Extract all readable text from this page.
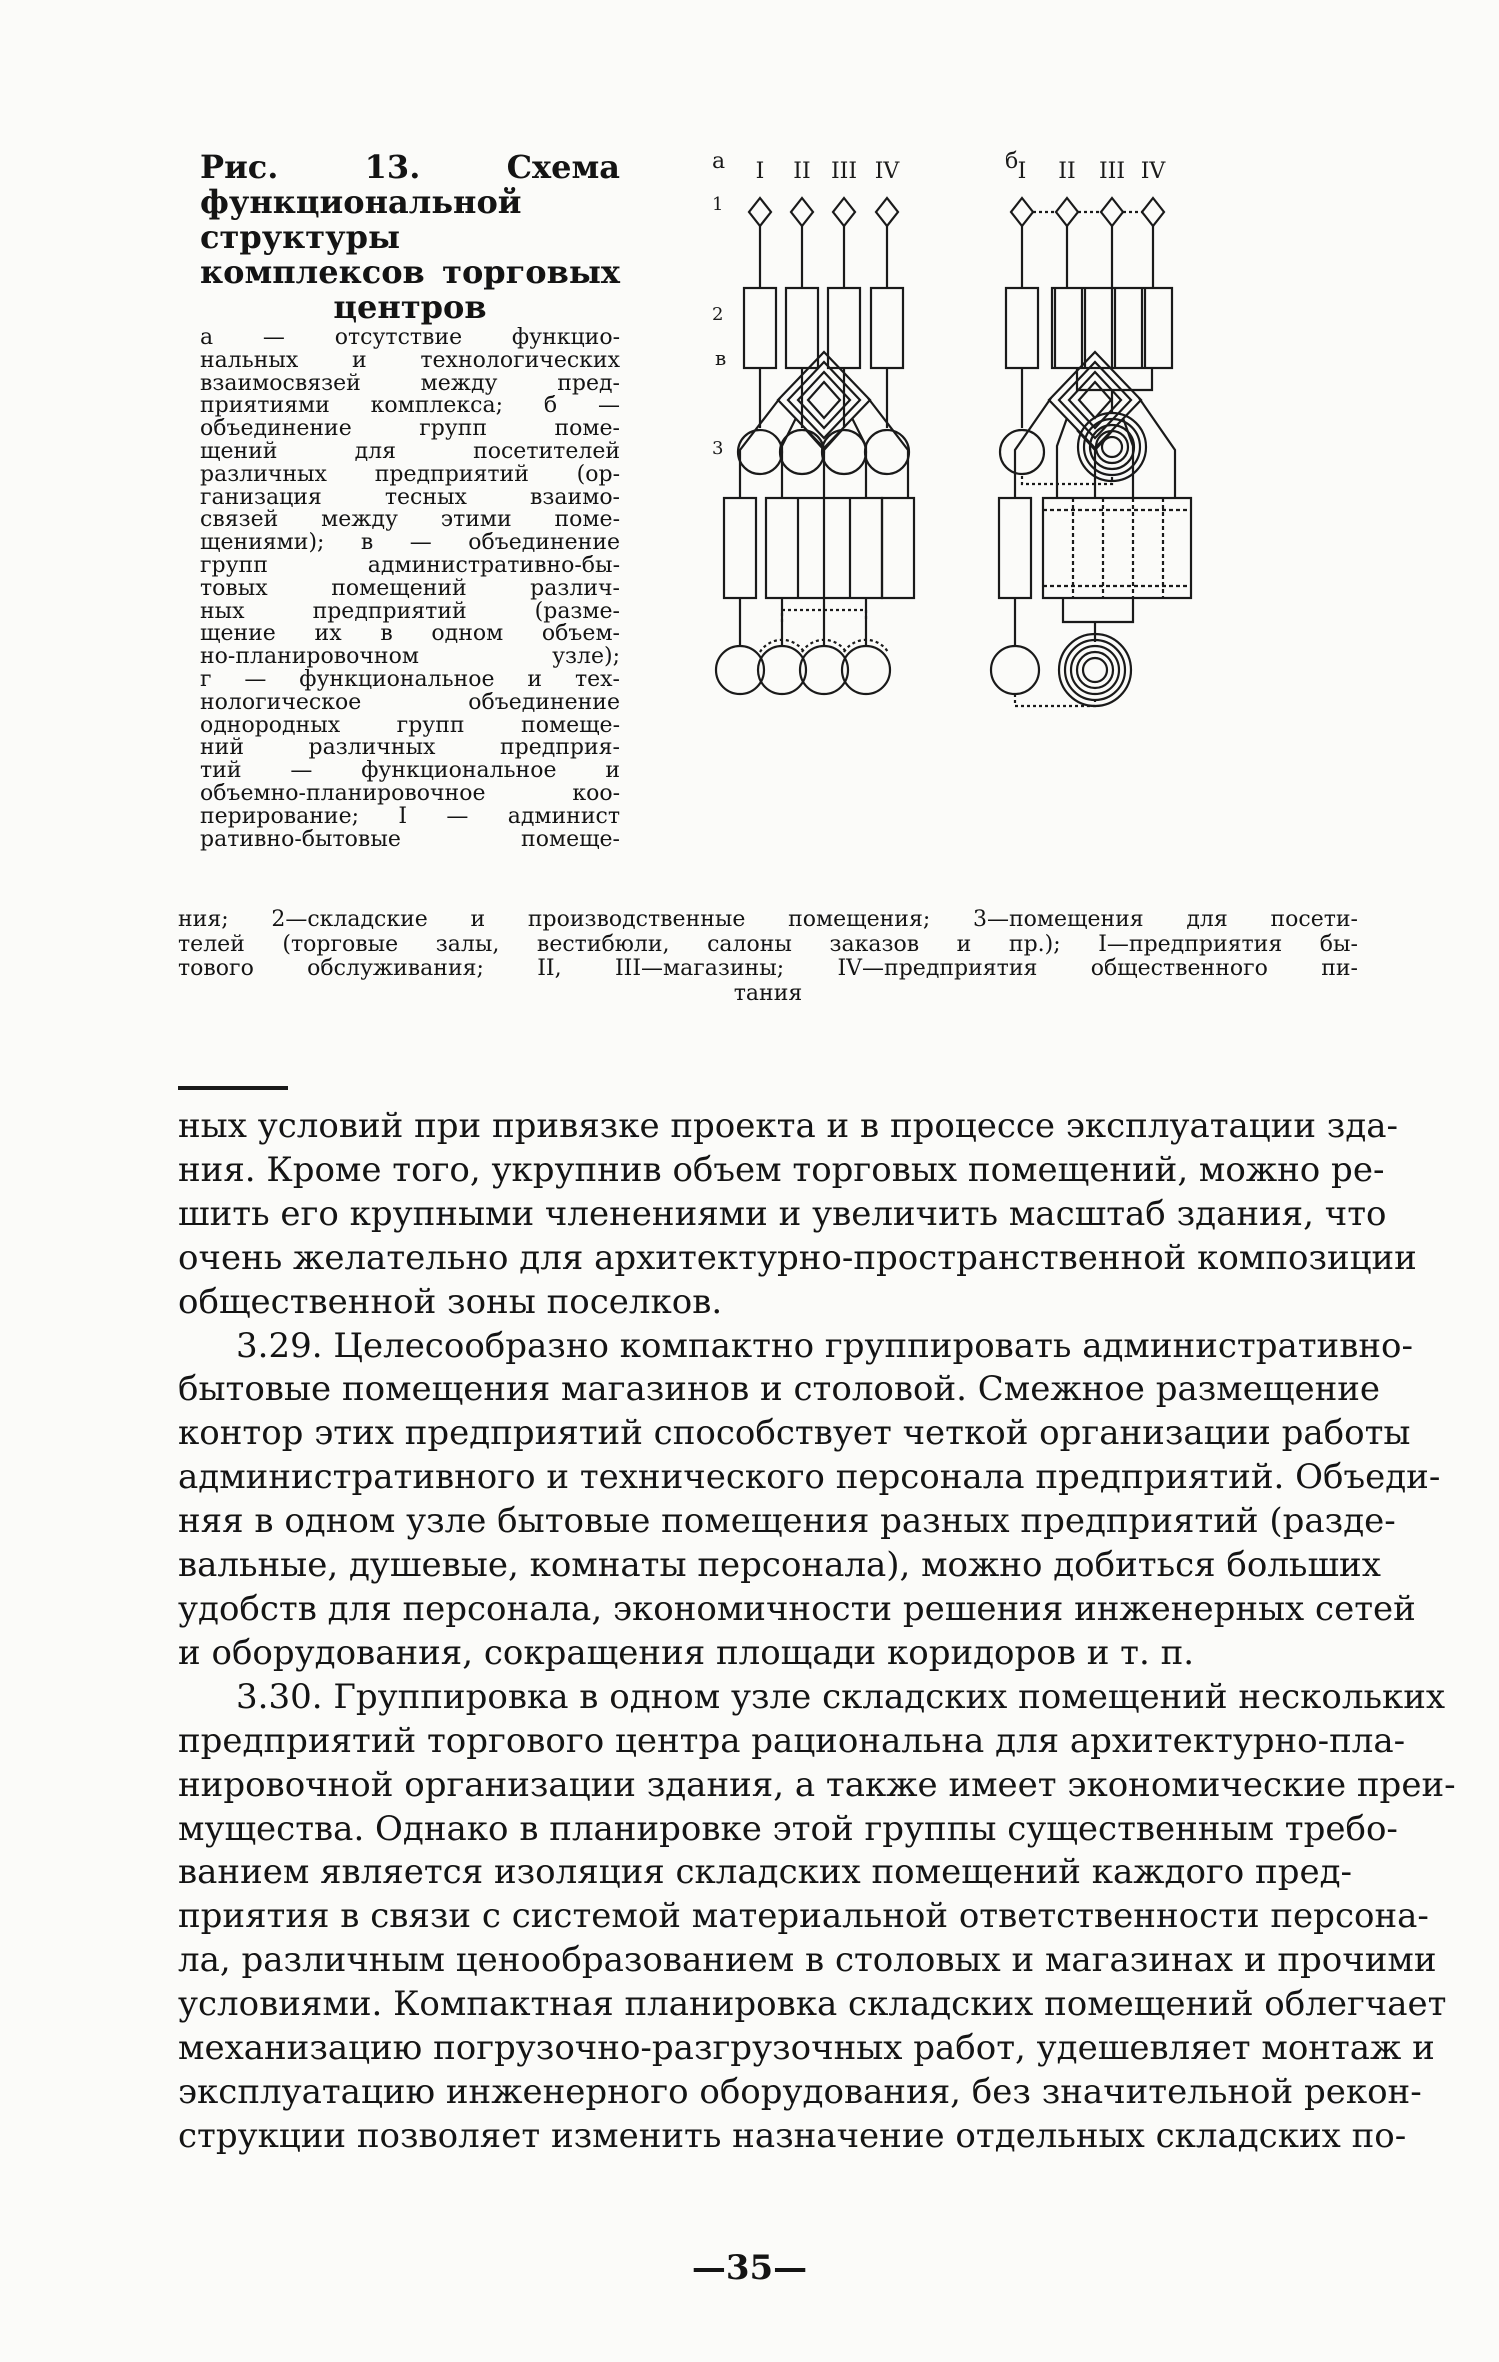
Рис. 13. Схема функциональной структуры комплексов торговых центров

а — отсутствие функцио-
нальных и технологических
взаимосвязей между пред-
приятиями комплекса; б —
объединение групп поме-
щений для посетителей
различных предприятий (ор-
ганизация тесных взаимо-
связей между этими поме-
щениями); в — объединение
групп административно-бы-
товых помещений различ-
ных предприятий (разме-
щение их в одном объем-
но-планировочном узле);
г — функциональное и тех-
нологическое объединение
однородных групп помеще-
ний различных предприя-
тий — функциональное и
объемно-планировочное коо-
перирование; I — админист
ративно-бытовые помеще-
а	б
в
I II III IV	I II III IV
1
2
3
ния; 2—складские и производственные помещения; 3—помещения для посети-
телей (торговые залы, вестибюли, салоны заказов и пр.); I—предприятия бы-
тового обслуживания; II, III—магазины; IV—предприятия общественного пи-
тания
ных условий при привязке проекта и в процессе эксплуатации зда-
ния. Кроме того, укрупнив объем торговых помещений, можно ре-
шить его крупными членениями и увеличить масштаб здания, что
очень желательно для архитектурно-пространственной композиции
общественной зоны поселков.
3.29. Целесообразно компактно группировать административно-
бытовые помещения магазинов и столовой. Смежное размещение
контор этих предприятий способствует четкой организации работы
административного и технического персонала предприятий. Объеди-
няя в одном узле бытовые помещения разных предприятий (разде-
вальные, душевые, комнаты персонала), можно добиться больших
удобств для персонала, экономичности решения инженерных сетей
и оборудования, сокращения площади коридоров и т. п.
3.30. Группировка в одном узле складских помещений нескольких
предприятий торгового центра рациональна для архитектурно-пла-
нировочной организации здания, а также имеет экономические преи-
мущества. Однако в планировке этой группы существенным требо-
ванием является изоляция складских помещений каждого пред-
приятия в связи с системой материальной ответственности персона-
ла, различным ценообразованием в столовых и магазинах и прочими
условиями. Компактная планировка складских помещений облегчает
механизацию погрузочно-разгрузочных работ, удешевляет монтаж и
эксплуатацию инженерного оборудования, без значительной рекон-
струкции позволяет изменить назначение отдельных складских по-
—35—
